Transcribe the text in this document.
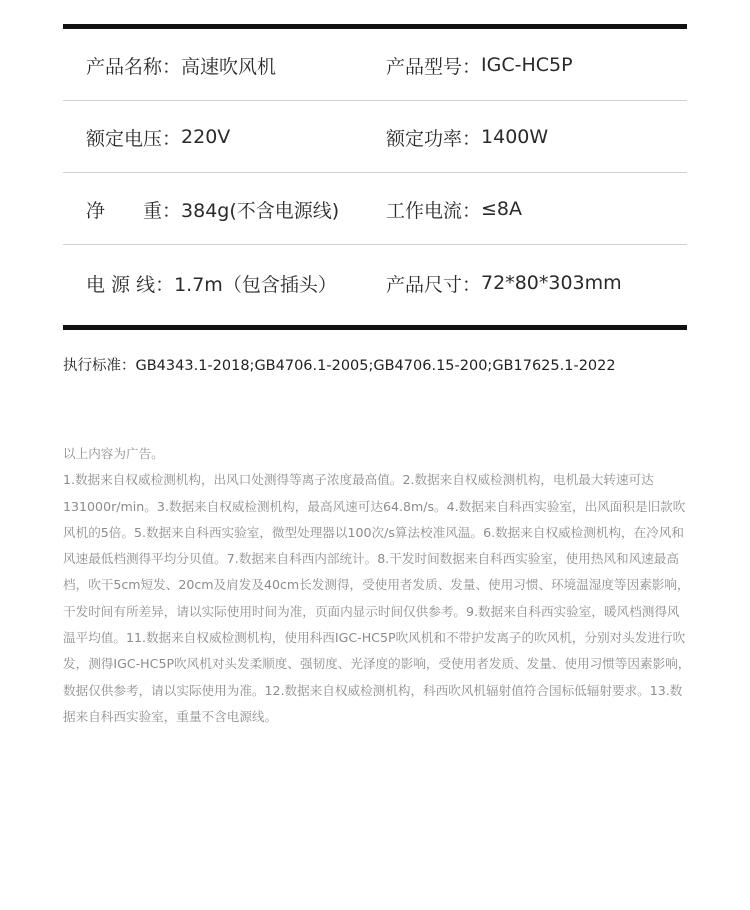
产品名称： 高速吹风机	产品型号： IGC-HC5P
额定电压： 220V	额定功率： 1400W
净　　重： 384g(不含电源线) 工作电流： ≤8A
电 源 线： 1.7m（包含插头）	产品尺寸： 72*80*303mm
执行标准：GB4343.1-2018;GB4706.1-2005;GB4706.15-200;GB17625.1-2022

以上内容为广告。

1.数据来自权威检测机构，出风口处测得等离子浓度最高值。2.数据来自权威检测机构，电机最大转速可达131000r/min。3.数据来自权威检测机构，最高风速可达64.8m/s。4.数据来自科西实验室，出风面积是旧款吹风机的5倍。5.数据来自科西实验室，微型处理器以100次/s算法校准风温。6.数据来自权威检测机构，在冷风和风速最低档测得平均分贝值。7.数据来自科西内部统计。8.干发时间数据来自科西实验室，使用热风和风速最高档，吹干5cm短发、20cm及肩发及40cm长发测得，受使用者发质、发量、使用习惯、环境温湿度等因素影响，干发时间有所差异，请以实际使用时间为准，页面内显示时间仅供参考。9.数据来自科西实验室，暖风档测得风温平均值。11.数据来自权威检测机构，使用科西IGC-HC5P吹风机和不带护发离子的吹风机，分别对头发进行吹发，测得IGC-HC5P吹风机对头发柔顺度、强韧度、光泽度的影响，受使用者发质、发量、使用习惯等因素影响，数据仅供参考，请以实际使用为准。12.数据来自权威检测机构，科西吹风机辐射值符合国标低辐射要求。13.数据来自科西实验室，重量不含电源线。
